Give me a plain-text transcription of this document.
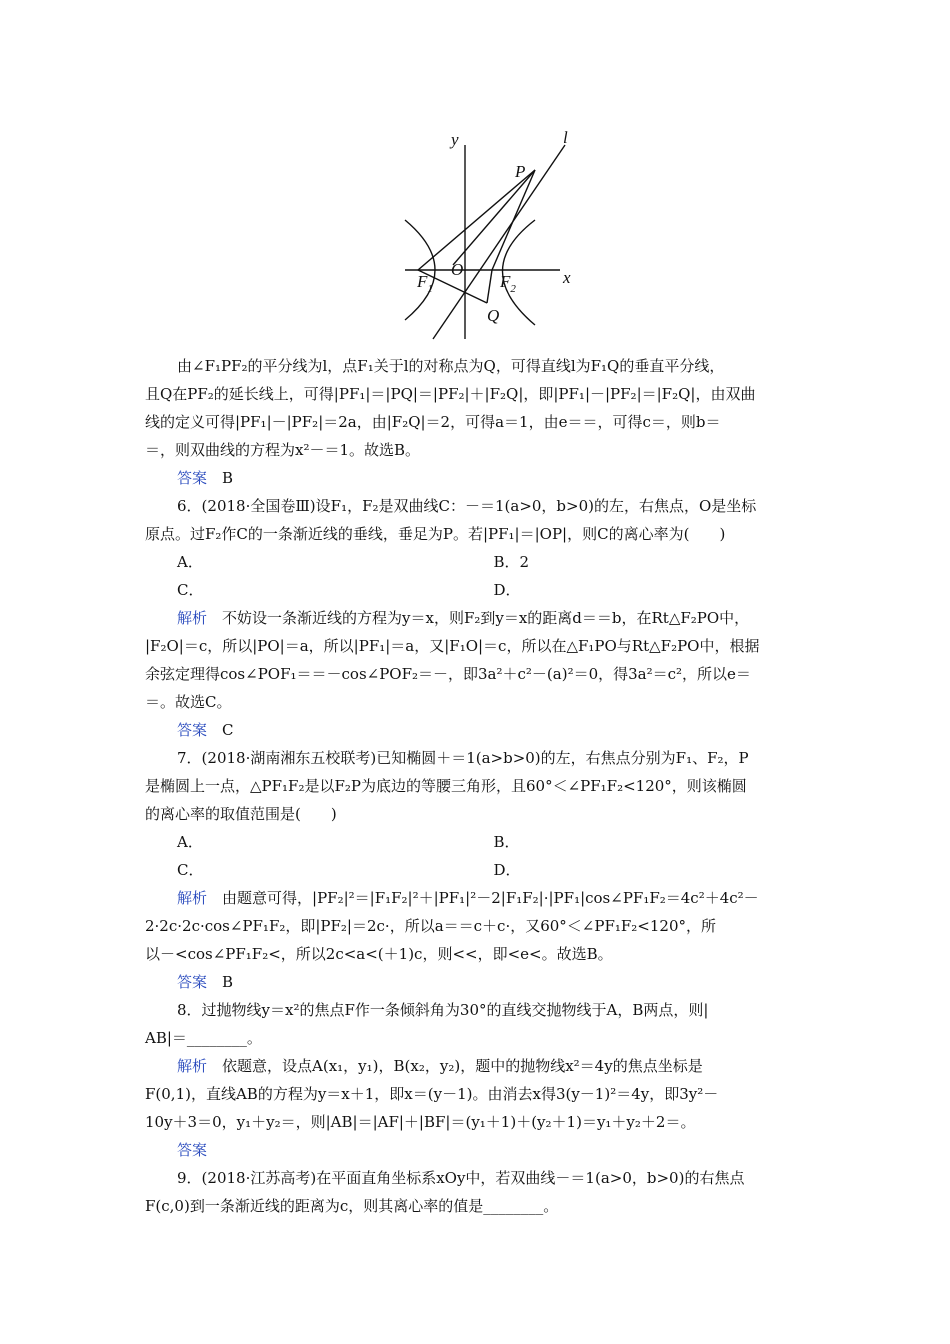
y	l
P
O	x
$F_1$	$F_2$
Q
由∠F₁PF₂的平分线为l，点F₁关于l的对称点为Q，可得直线l为F₁Q的垂直平分线，
且Q在PF₂的延长线上，可得|PF₁|＝|PQ|＝|PF₂|＋|F₂Q|，即|PF₁|－|PF₂|＝|F₂Q|，由双曲
线的定义可得|PF₁|－|PF₂|＝2a，由|F₂Q|＝2，可得a＝1，由e＝＝，可得c＝，则b＝
＝，则双曲线的方程为x²－＝1。故选B。
答案　 B
6．(2018·全国卷Ⅲ)设F₁，F₂是双曲线C：－＝1(a>0，b>0)的左，右焦点，O是坐标
原点。过F₂作C的一条渐近线的垂线，垂足为P。若|PF₁|＝|OP|，则C的离心率为(　　)
A．	B．2
C．	D．
解析　不妨设一条渐近线的方程为y＝x，则F₂到y＝x的距离d＝＝b，在Rt△F₂PO中，
|F₂O|＝c，所以|PO|＝a，所以|PF₁|＝a，又|F₁O|＝c，所以在△F₁PO与Rt△F₂PO中，根据
余弦定理得cos∠POF₁＝＝－cos∠POF₂＝－，即3a²＋c²－(a)²＝0，得3a²＝c²，所以e＝
＝。故选C。
答案　 C
7．(2018·湖南湘东五校联考)已知椭圆＋＝1(a>b>0)的左，右焦点分别为F₁、F₂，P
是椭圆上一点，△PF₁F₂是以F₂P为底边的等腰三角形，且60°＜∠PF₁F₂<120°，则该椭圆
的离心率的取值范围是(　　)
A．	B．
C．	D．
解析　由题意可得，|PF₂|²＝|F₁F₂|²＋|PF₁|²－2|F₁F₂|·|PF₁|cos∠PF₁F₂＝4c²＋4c²－
2·2c·2c·cos∠PF₁F₂，即|PF₂|＝2c·，所以a＝＝c＋c·，又60°＜∠PF₁F₂<120°，所
以－<cos∠PF₁F₂<，所以2c<a<(＋1)c，则<<，即<e<。故选B。
答案　 B
8．过抛物线y＝x²的焦点F作一条倾斜角为30°的直线交抛物线于A，B两点，则|
AB|＝________。
解析　依题意，设点A(x₁，y₁)，B(x₂，y₂)，题中的抛物线x²＝4y的焦点坐标是
F(0,1)，直线AB的方程为y＝x＋1，即x＝(y－1)。由消去x得3(y－1)²＝4y，即3y²－
10y＋3＝0，y₁＋y₂＝，则|AB|＝|AF|＋|BF|＝(y₁＋1)＋(y₂＋1)＝y₁＋y₂＋2＝。
答案
9．(2018·江苏高考)在平面直角坐标系xOy中，若双曲线－＝1(a>0，b>0)的右焦点
F(c,0)到一条渐近线的距离为c，则其离心率的值是________。
